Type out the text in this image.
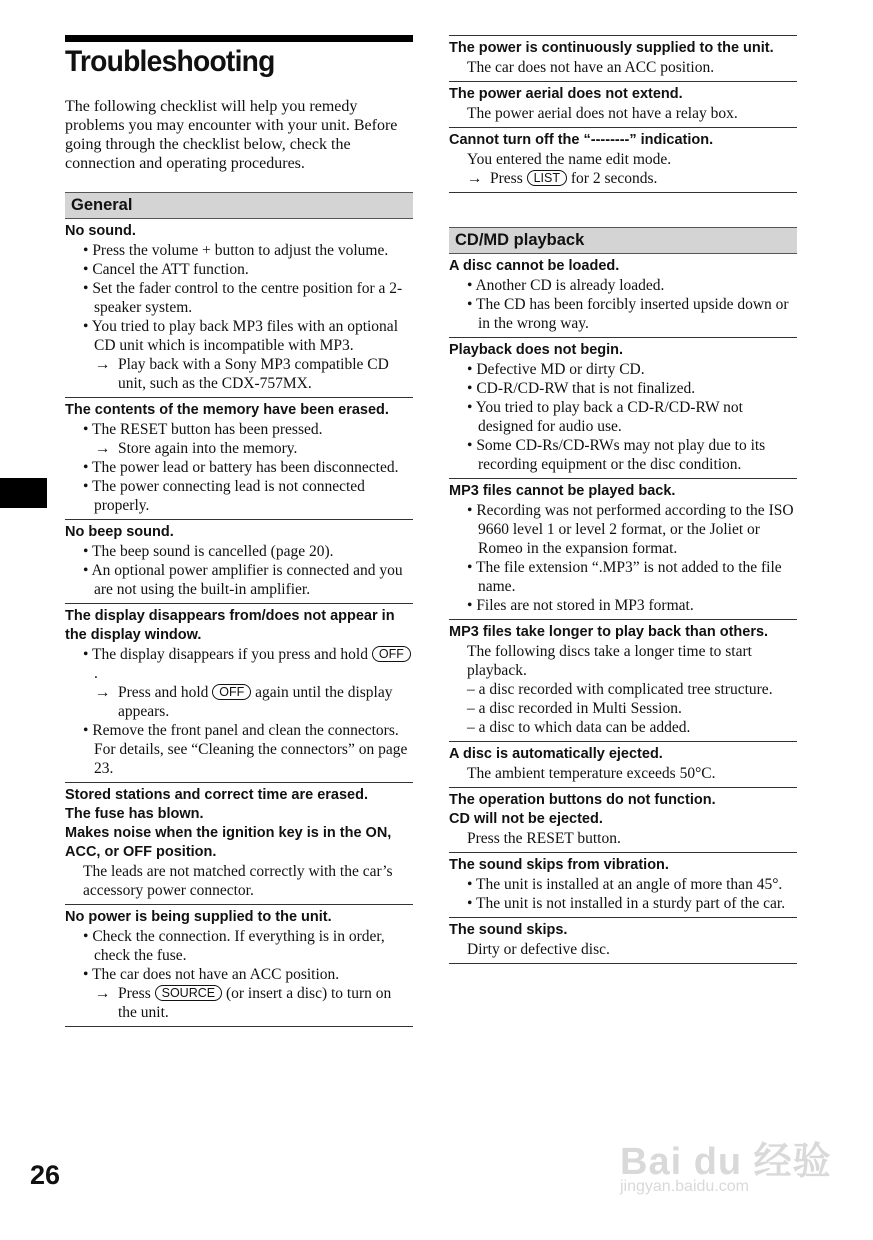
Troubleshooting

The following checklist will help you remedy problems you may encounter with your unit. Before going through the checklist below, check the connection and operating procedures.

General
No sound.
• Press the volume + button to adjust the volume.
• Cancel the ATT function.
• Set the fader control to the centre position for a 2-speaker system.
• You tried to play back MP3 files with an optional CD unit which is incompatible with MP3.
→ Play back with a Sony MP3 compatible CD unit, such as the CDX-757MX.
The contents of the memory have been erased.
• The RESET button has been pressed.
→ Store again into the memory.
• The power lead or battery has been disconnected.
• The power connecting lead is not connected properly.
No beep sound.
• The beep sound is cancelled (page 20).
• An optional power amplifier is connected and you are not using the built-in amplifier.
The display disappears from/does not appear in the display window.
• The display disappears if you press and hold OFF.
→ Press and hold OFF again until the display appears.
• Remove the front panel and clean the connectors. For details, see “Cleaning the connectors” on page 23.
Stored stations and correct time are erased.
The fuse has blown.
Makes noise when the ignition key is in the ON, ACC, or OFF position.
The leads are not matched correctly with the car’s accessory power connector.
No power is being supplied to the unit.
• Check the connection. If everything is in order, check the fuse.
• The car does not have an ACC position.
→ Press SOURCE (or insert a disc) to turn on the unit.
The power is continuously supplied to the unit.
The car does not have an ACC position.
The power aerial does not extend.
The power aerial does not have a relay box.
Cannot turn off the “--------” indication.
You entered the name edit mode.
→ Press LIST for 2 seconds.
CD/MD playback
A disc cannot be loaded.
• Another CD is already loaded.
• The CD has been forcibly inserted upside down or in the wrong way.
Playback does not begin.
• Defective MD or dirty CD.
• CD-R/CD-RW that is not finalized.
• You tried to play back a CD-R/CD-RW not designed for audio use.
• Some CD-Rs/CD-RWs may not play due to its recording equipment or the disc condition.
MP3 files cannot be played back.
• Recording was not performed according to the ISO 9660 level 1 or level 2 format, or the Joliet or Romeo in the expansion format.
• The file extension “.MP3” is not added to the file name.
• Files are not stored in MP3 format.
MP3 files take longer to play back than others.
The following discs take a longer time to start playback.
– a disc recorded with complicated tree structure.
– a disc recorded in Multi Session.
– a disc to which data can be added.
A disc is automatically ejected.
The ambient temperature exceeds 50°C.
The operation buttons do not function.
CD will not be ejected.
Press the RESET button.
The sound skips from vibration.
• The unit is installed at an angle of more than 45°.
• The unit is not installed in a sturdy part of the car.
The sound skips.
Dirty or defective disc.
26	Bai du 经验
jingyan.baidu.com
